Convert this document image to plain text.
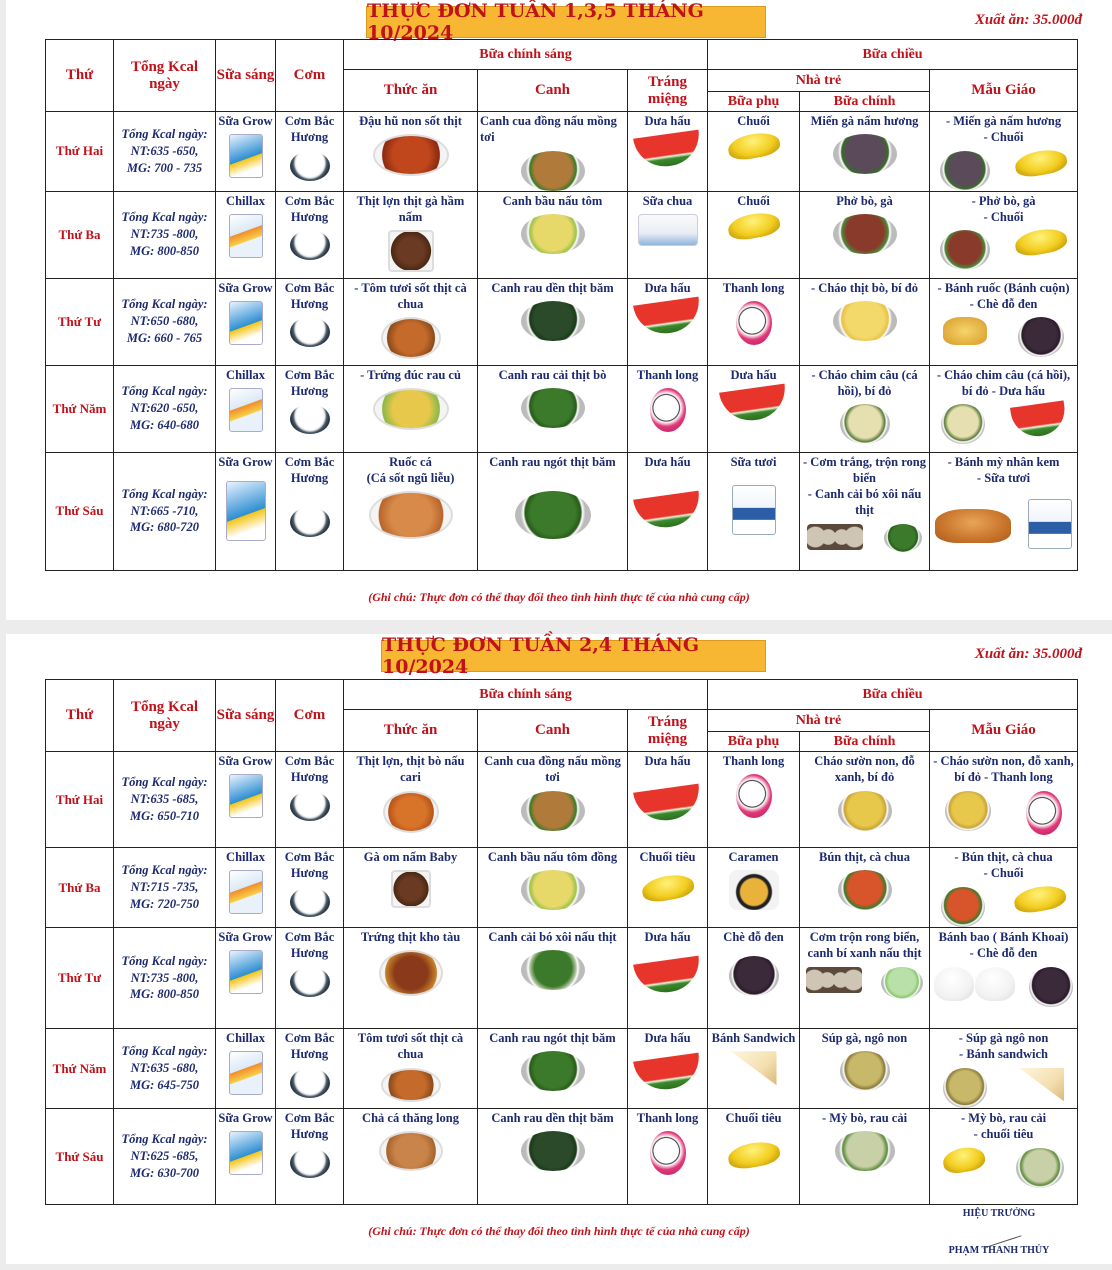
THỰC ĐƠN TUẦN 1,3,5 THÁNG 10/2024
Xuất ăn: 35.000đ
Thứ	Tổng Kcal ngày	Sữa sáng	Cơm	Bữa chính sáng			Bữa chiều		
				Thức ăn	Canh	Tráng miệng	Nhà trẻ		Mẫu Giáo
							Bữa phụ	Bữa chính	
Thứ Hai	Tổng Kcal ngày:
NT:635 -650,
MG: 700 - 735	Sữa Grow	Cơm Bắc Hương	Đậu hũ non sốt thịt	Canh cua đồng nấu mồng tơi	Dưa hấu	Chuối	Miến gà nấm hương	- Miến gà nấm hương
- Chuối

Thứ Ba	Tổng Kcal ngày:
NT:735 -800,
MG: 800-850	Chillax	Cơm Bắc Hương	Thịt lợn thịt gà hầm nấm	Canh bầu nấu tôm	Sữa chua	Chuối	Phở bò, gà	- Phở bò, gà
- Chuối

Thứ Tư	Tổng Kcal ngày:
NT:650 -680,
MG: 660 - 765	Sữa Grow	Cơm Bắc Hương	- Tôm tươi sốt thịt cà chua	Canh rau dền thịt băm	Dưa hấu	Thanh long	- Cháo thịt bò, bí đỏ	- Bánh ruốc (Bánh cuộn)
- Chè đỗ đen

Thứ Năm	Tổng Kcal ngày:
NT:620 -650,
MG: 640-680	Chillax	Cơm Bắc Hương	- Trứng đúc rau củ	Canh rau cải thịt bò	Thanh long	Dưa hấu	- Cháo chim câu (cá hồi), bí đỏ	- Cháo chim câu (cá hồi), bí đỏ - Dưa hấu

Thứ Sáu	Tổng Kcal ngày:
NT:665 -710,
MG: 680-720	Sữa Grow	Cơm Bắc Hương	Ruốc cá
(Cá sốt ngũ liễu)	Canh rau ngót thịt băm	Dưa hấu	Sữa tươi	- Cơm trắng, trộn rong biển
- Canh cải bó xôi nấu thịt	- Bánh mỳ nhân kem
- Sữa tươi
(Ghi chú: Thực đơn có thể thay đổi theo tình hình thực tế của nhà cung cấp)
THỰC ĐƠN TUẦN 2,4 THÁNG 10/2024
Xuất ăn: 35.000đ
Thứ	Tổng Kcal ngày	Sữa sáng	Cơm	Bữa chính sáng			Bữa chiều		
				Thức ăn	Canh	Tráng miệng	Nhà trẻ		Mẫu Giáo
							Bữa phụ	Bữa chính	
Thứ Hai	Tổng Kcal ngày:
NT:635 -685,
MG: 650-710	Sữa Grow	Cơm Bắc Hương	Thịt lợn, thịt bò nấu cari	Canh cua đồng nấu mồng tơi	Dưa hấu	Thanh long	Cháo sườn non, đỗ xanh, bí đỏ	- Cháo sườn non, đỗ xanh, bí đỏ - Thanh long

Thứ Ba	Tổng Kcal ngày:
NT:715 -735,
MG: 720-750	Chillax	Cơm Bắc Hương	Gà om nấm Baby	Canh bầu nấu tôm đồng	Chuối tiêu	Caramen	Bún thịt, cà chua	- Bún thịt, cà chua
- Chuối

Thứ Tư	Tổng Kcal ngày:
NT:735 -800,
MG: 800-850	Sữa Grow	Cơm Bắc Hương	Trứng thịt kho tàu	Canh cải bó xôi nấu thịt	Dưa hấu	Chè đỗ đen	Cơm trộn rong biển, canh bí xanh nấu thịt	Bánh bao ( Bánh Khoai)
- Chè đỗ đen

Thứ Năm	Tổng Kcal ngày:
NT:635 -680,
MG: 645-750	Chillax	Cơm Bắc Hương	Tôm tươi sốt thịt cà chua	Canh rau ngót thịt băm	Dưa hấu	Bánh Sandwich	Súp gà, ngô non	- Súp gà ngô non
- Bánh sandwich

Thứ Sáu	Tổng Kcal ngày:
NT:625 -685,
MG: 630-700	Sữa Grow	Cơm Bắc Hương	Chả cá thăng long	Canh rau dền thịt băm	Thanh long	Chuối tiêu	- Mỳ bò, rau cải	- Mỳ bò, rau cải
- chuối tiêu
(Ghi chú: Thực đơn có thể thay đổi theo tình hình thực tế của nhà cung cấp)
HIỆU TRƯỞNG
PHẠM THANH THỦY
